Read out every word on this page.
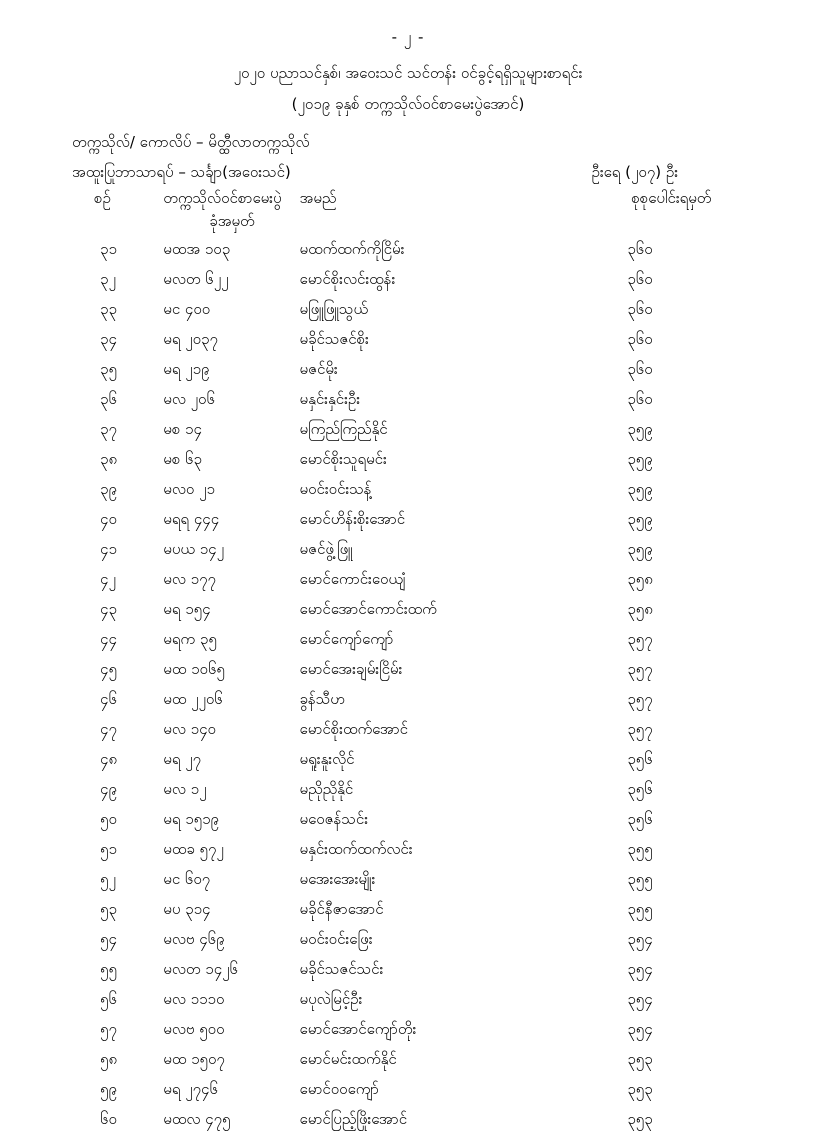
- ၂ -
၂၀၂၀ ပညာသင်နှစ်၊ အဝေးသင် သင်တန်း ဝင်ခွင့်ရရှိသူများစာရင်း
(၂၀၁၉ ခုနှစ် တက္ကသိုလ်ဝင်စာမေးပွဲအောင်)
တက္ကသိုလ်/ ကောလိပ် – မိတ္ထီလာတက္ကသိုလ်
အထူးပြုဘာသာရပ် – သင်္ချာ(အဝေးသင်)	ဦးရေ (၂၀၇) ဦး
စဉ်	တက္ကသိုလ်ဝင်စာမေးပွဲ
ခုံအမှတ်	အမည်	စုစုပေါင်းရမှတ်
၃၁	မထအ ၁၀၃	မထက်ထက်ကိုငြိမ်း	၃၆၀
၃၂	မလတ ၆၂၂	မောင်စိုးလင်းထွန်း	၃၆၀
၃၃	မင ၄၀၀	မဖြူဖြူသွယ်	၃၆၀
၃၄	မရ ၂၀၃၇	မခိုင်သဇင်စိုး	၃၆၀
၃၅	မရ ၂၁၉	မဇင်မိုး	၃၆၀
၃၆	မလ ၂၀၆	မနှင်းနှင်းဦး	၃၆၀
၃၇	မစ ၁၄	မကြည်ကြည်နိုင်	၃၅၉
၃၈	မစ ၆၃	မောင်စိုးသူရမင်း	၃၅၉
၃၉	မလဝ ၂၁	မဝင်းဝင်းသန့်	၃၅၉
၄၀	မရရ ၄၄၄	မောင်ဟိန်းစိုးအောင်	၃၅၉
၄၁	မပယ ၁၄၂	မဇင်ဖွဲ့ဖြူ	၃၅၉
၄၂	မလ ၁၇၇	မောင်ကောင်းဝေယျံ	၃၅၈
၄၃	မရ ၁၅၄	မောင်အောင်ကောင်းထက်	၃၅၈
၄၄	မရက ၃၅	မောင်ကျော်ကျော်	၃၅၇
၄၅	မထ ၁၀၆၅	မောင်အေးချမ်းငြိမ်း	၃၅၇
၄၆	မထ ၂၂၀၆	ခွန်သီဟ	၃၅၇
၄၇	မလ ၁၄၀	မောင်စိုးထက်အောင်	၃၅၇
၄၈	မရ ၂၇	မရူးနူးလိုင်	၃၅၆
၄၉	မလ ၁၂	မညိုညိုနိုင်	၃၅၆
၅၀	မရ ၁၅၁၉	မဝေဇန်သင်း	၃၅၆
၅၁	မထခ ၅၇၂	မနှင်းထက်ထက်လင်း	၃၅၅
၅၂	မင ၆၀၇	မအေးအေးမျိုး	၃၅၅
၅၃	မပ ၃၁၄	မခိုင်နီဇာအောင်	၃၅၅
၅၄	မလဗ ၄၆၉	မဝင်းဝင်းဖြေး	၃၅၄
၅၅	မလတ ၁၄၂၆	မခိုင်သဇင်သင်း	၃၅၄
၅၆	မလ ၁၁၁၀	မပုလဲမြင့်ဦး	၃၅၄
၅၇	မလဗ ၅၀၀	မောင်အောင်ကျော်တိုး	၃၅၄
၅၈	မထ ၁၅၀၇	မောင်မင်းထက်နိုင်	၃၅၃
၅၉	မရ ၂၇၄၆	မောင်ဝဝကျော်	၃၅၃
၆၀	မထလ ၄၇၅	မောင်ပြည့်ဖြိုးအောင်	၃၅၃
